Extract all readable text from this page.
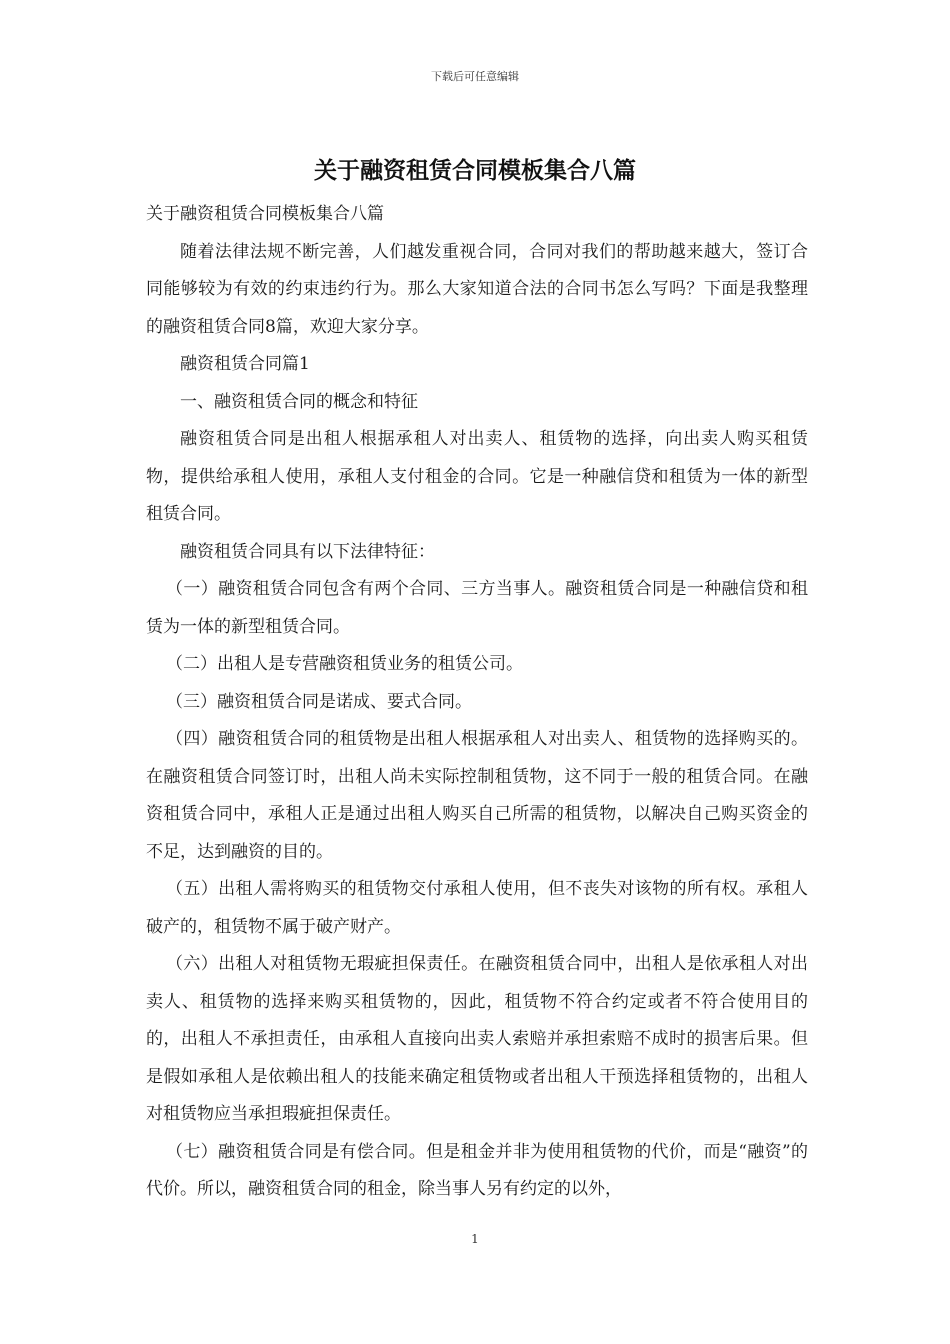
下载后可任意编辑
关于融资租赁合同模板集合八篇

关于融资租赁合同模板集合八篇

随着法律法规不断完善，人们越发重视合同，合同对我们的帮助越来越大，签订合同能够较为有效的约束违约行为。那么大家知道合法的合同书怎么写吗？下面是我整理的融资租赁合同8篇，欢迎大家分享。

融资租赁合同篇1

一、融资租赁合同的概念和特征

融资租赁合同是出租人根据承租人对出卖人、租赁物的选择，向出卖人购买租赁物，提供给承租人使用，承租人支付租金的合同。它是一种融信贷和租赁为一体的新型租赁合同。

融资租赁合同具有以下法律特征：

（一）融资租赁合同包含有两个合同、三方当事人。融资租赁合同是一种融信贷和租赁为一体的新型租赁合同。

（二）出租人是专营融资租赁业务的租赁公司。

（三）融资租赁合同是诺成、要式合同。

（四）融资租赁合同的租赁物是出租人根据承租人对出卖人、租赁物的选择购买的。在融资租赁合同签订时，出租人尚未实际控制租赁物，这不同于一般的租赁合同。在融资租赁合同中，承租人正是通过出租人购买自己所需的租赁物，以解决自己购买资金的不足，达到融资的目的。

（五）出租人需将购买的租赁物交付承租人使用，但不丧失对该物的所有权。承租人破产的，租赁物不属于破产财产。

（六）出租人对租赁物无瑕疵担保责任。在融资租赁合同中，出租人是依承租人对出卖人、租赁物的选择来购买租赁物的，因此，租赁物不符合约定或者不符合使用目的的，出租人不承担责任，由承租人直接向出卖人索赔并承担索赔不成时的损害后果。但是假如承租人是依赖出租人的技能来确定租赁物或者出租人干预选择租赁物的，出租人对租赁物应当承担瑕疵担保责任。

（七）融资租赁合同是有偿合同。但是租金并非为使用租赁物的代价，而是“融资”的代价。所以，融资租赁合同的租金，除当事人另有约定的以外，

1
